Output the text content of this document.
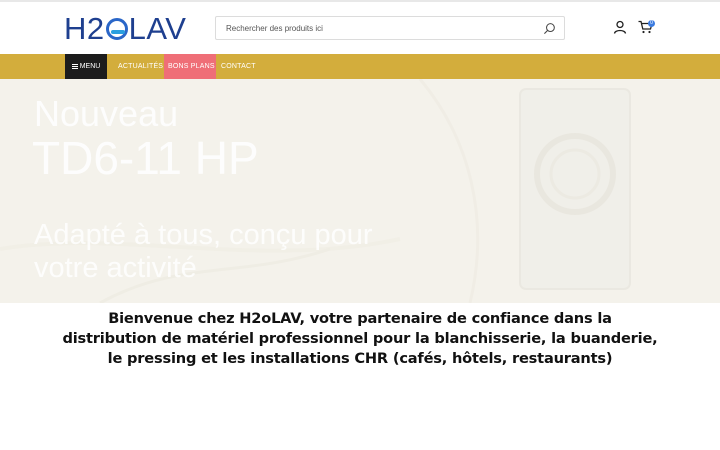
H2 LAV
Rechercher des produits ici	0
MENU	ACTUALITÉS BONS PLANS CONTACT
Nouveau
TD6-11 HP
Adapté à tous, conçu pour votre activité

Bienvenue chez H2oLAV, votre partenaire de confiance dans la distribution de matériel professionnel pour la blanchisserie, la buanderie, le pressing et les installations CHR (cafés, hôtels, restaurants)
